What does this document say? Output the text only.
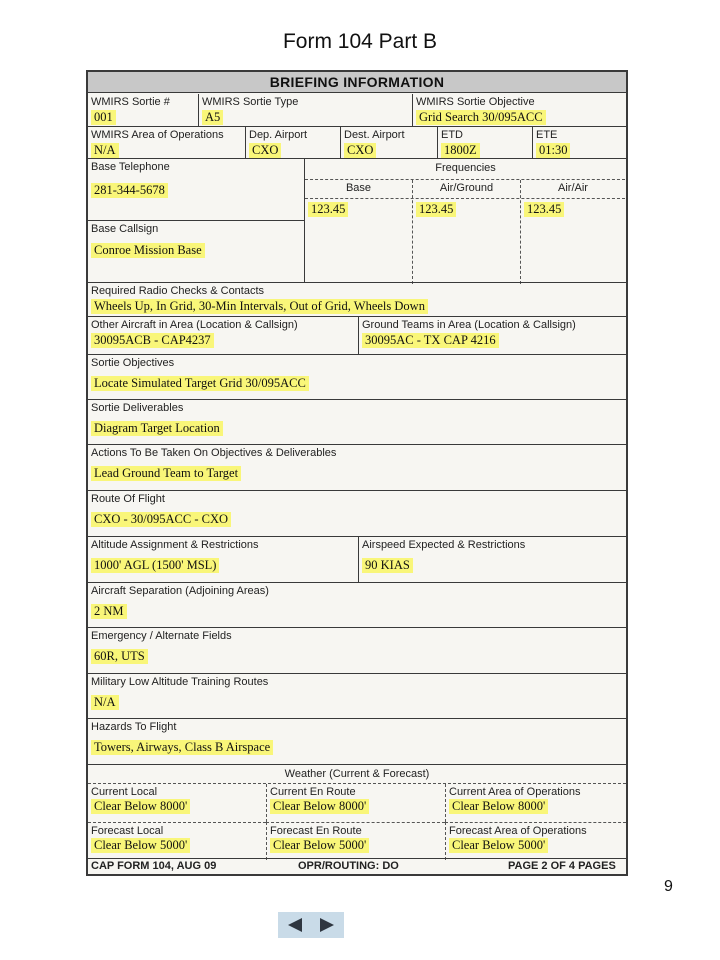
Form 104 Part B
BRIEFING INFORMATION
WMIRS Sortie #
001
WMIRS Sortie Type
A5
WMIRS Sortie Objective
Grid Search 30/095ACC
WMIRS Area of Operations
N/A
Dep. Airport
CXO
Dest. Airport
CXO
ETD
1800Z
ETE
01:30
Base Telephone
281-344-5678
Base Callsign
Conroe Mission Base
Frequencies
Base
123.45
Air/Ground
123.45
Air/Air
123.45
Required Radio Checks & Contacts
Wheels Up, In Grid, 30-Min Intervals, Out of Grid, Wheels Down
Other Aircraft in Area (Location & Callsign)
30095ACB - CAP4237
Ground Teams in Area (Location & Callsign)
30095AC - TX CAP 4216
Sortie Objectives
Locate Simulated Target Grid 30/095ACC
Sortie Deliverables
Diagram Target Location
Actions To Be Taken On Objectives & Deliverables
Lead Ground Team to Target
Route Of Flight
CXO - 30/095ACC - CXO
Altitude Assignment & Restrictions
1000' AGL (1500' MSL)
Airspeed Expected & Restrictions
90 KIAS
Aircraft Separation (Adjoining Areas)
2 NM
Emergency / Alternate Fields
60R, UTS
Military Low Altitude Training Routes
N/A
Hazards To Flight
Towers, Airways, Class B Airspace
Weather (Current & Forecast)
Current Local
Clear Below 8000'
Current En Route
Clear Below 8000'
Current Area of Operations
Clear Below 8000'
Forecast Local
Clear Below 5000'
Forecast En Route
Clear Below 5000'
Forecast Area of Operations
Clear Below 5000'
CAP FORM 104, AUG 09	OPR/ROUTING: DO	PAGE 2 OF 4 PAGES
9
